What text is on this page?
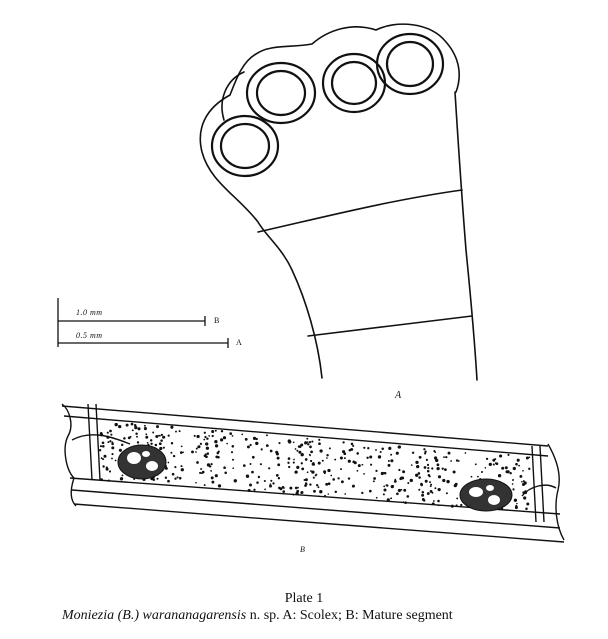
1.0 mm
B
0.5 mm
A
A
B
Plate 1
Moniezia (B.) warananagarensis n. sp. A: Scolex; B: Mature segment
